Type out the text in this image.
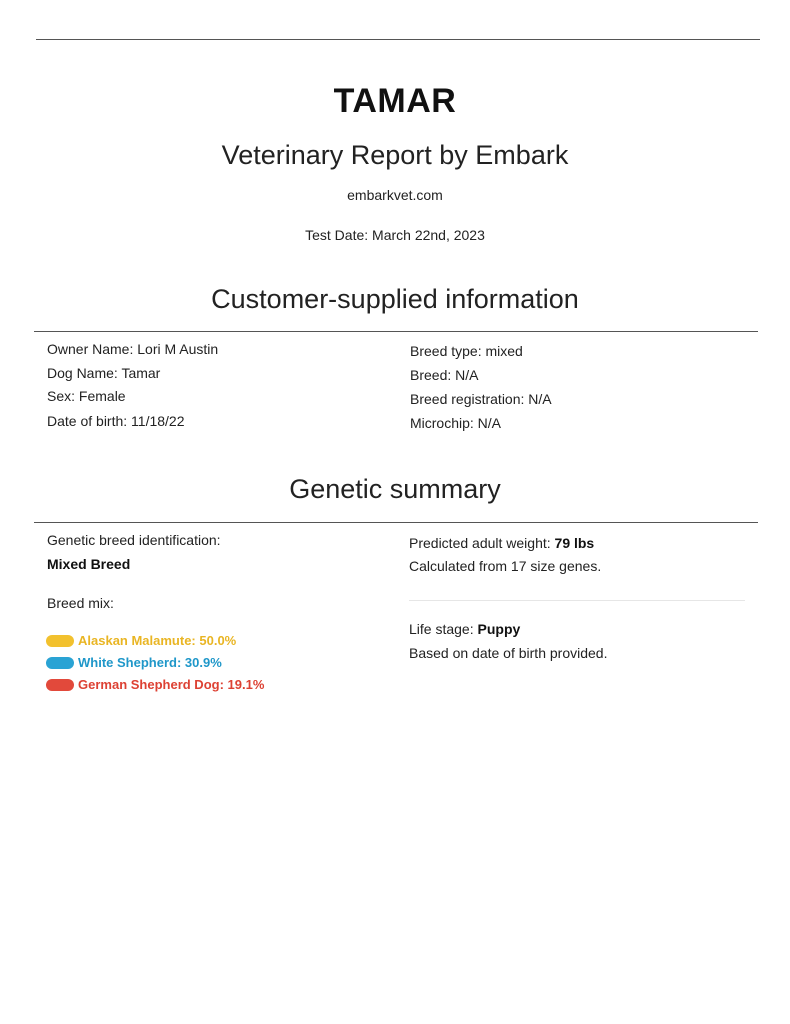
TAMAR
Veterinary Report by Embark
embarkvet.com
Test Date: March 22nd, 2023
Customer-supplied information
Owner Name: Lori M Austin
Dog Name: Tamar
Sex: Female
Date of birth: 11/18/22
Breed type: mixed
Breed: N/A
Breed registration: N/A
Microchip: N/A
Genetic summary
Genetic breed identification:
Mixed Breed
Breed mix:
Alaskan Malamute: 50.0%
White Shepherd: 30.9%
German Shepherd Dog: 19.1%
Predicted adult weight: 79 lbs
Calculated from 17 size genes.
Life stage: Puppy
Based on date of birth provided.
